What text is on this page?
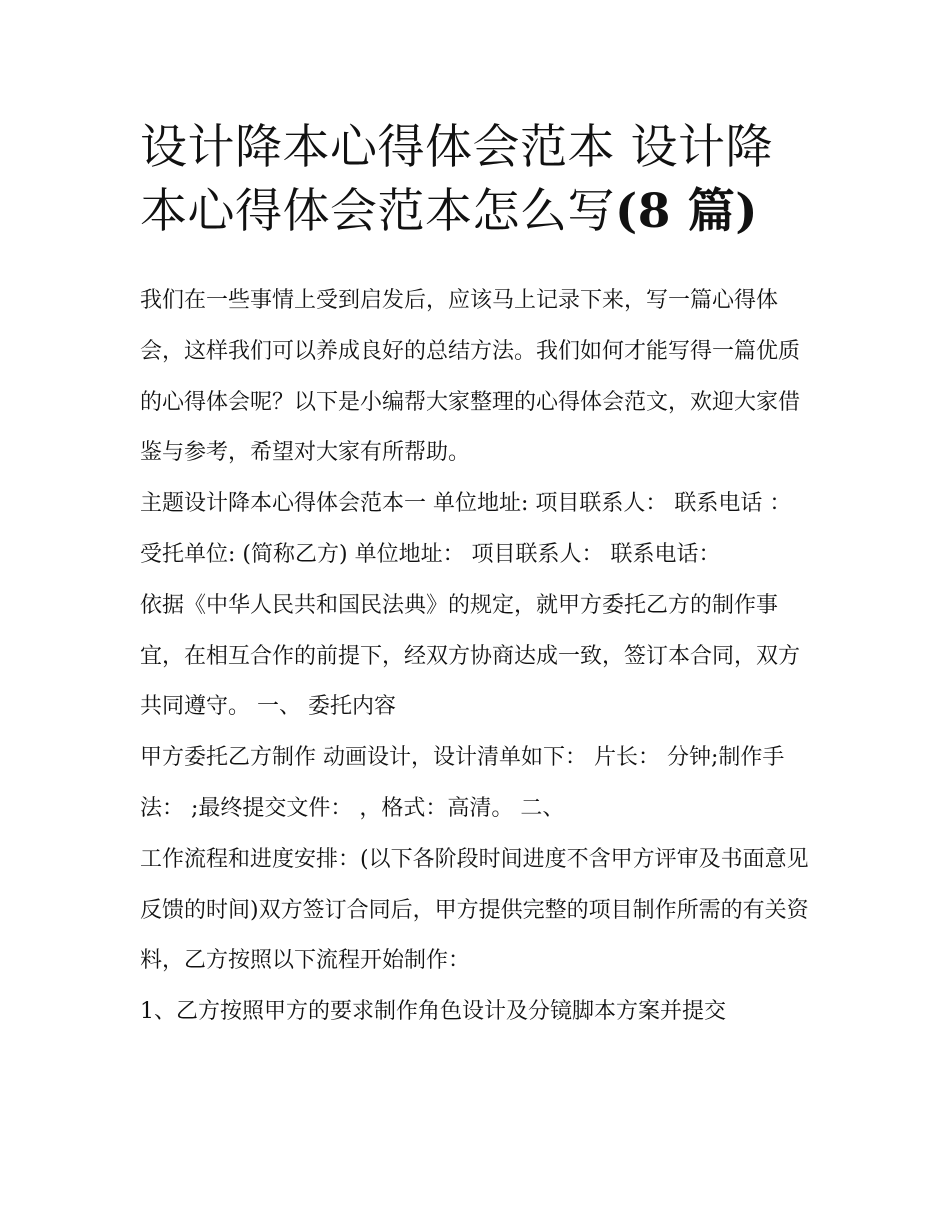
设计降本心得体会范本 设计降本心得体会范本怎么写(8 篇)

我们在一些事情上受到启发后，应该马上记录下来，写一篇心得体会，这样我们可以养成良好的总结方法。我们如何才能写得一篇优质的心得体会呢？以下是小编帮大家整理的心得体会范文，欢迎大家借鉴与参考，希望对大家有所帮助。

主题设计降本心得体会范本一 单位地址: 项目联系人： 联系电话 ： 受托单位: (简称乙方) 单位地址： 项目联系人： 联系电话：

依据《中华人民共和国民法典》的规定，就甲方委托乙方的制作事宜，在相互合作的前提下，经双方协商达成一致，签订本合同，双方共同遵守。 一、 委托内容

甲方委托乙方制作 动画设计，设计清单如下： 片长： 分钟;制作手法： ;最终提交文件： ，格式：高清。 二、

工作流程和进度安排：(以下各阶段时间进度不含甲方评审及书面意见反馈的时间)双方签订合同后，甲方提供完整的项目制作所需的有关资料，乙方按照以下流程开始制作：

1、乙方按照甲方的要求制作角色设计及分镜脚本方案并提交
